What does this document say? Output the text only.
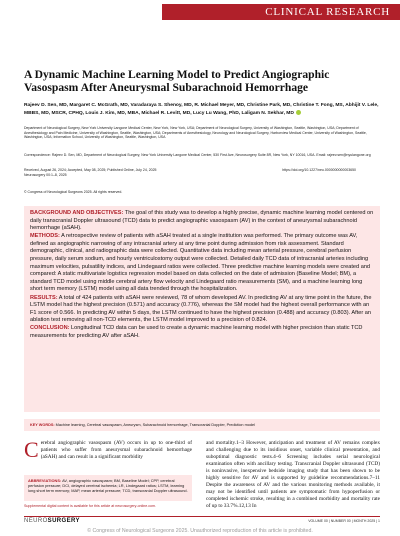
CLINICAL RESEARCH
A Dynamic Machine Learning Model to Predict Angiographic Vasospasm After Aneurysmal Subarachnoid Hemorrhage
Rajeev D. Sen, MD, Margaret C. McGrath, MD, Varadaraya S. Shenoy, MD, R. Michael Meyer, MD, Christine Park, MD, Christine T. Fong, MS, Abhijit V. Lele, MBBS, MD, MSCR, CPHQ, Louis J. Kim, MD, MBA, Michael R. Levitt, MD, Lucy Lu Wang, PhD, Laligam N. Sekhar, MD
Department of Neurological Surgery, New York University Langone Medical Center, New York, New York, USA; Department of Neurological Surgery, University of Washington, Seattle, Washington, USA; Department of Anesthesiology and Pain Medicine, University of Washington, Seattle, Washington, USA; Departments of Anesthesiology, Neurology and Neurological Surgery, Harborview Medical Center, University of Washington, Seattle, Washington, USA; Information School, University of Washington, Seattle, Washington, USA
Correspondence: Rajeev D. Sen, MD, Department of Neurological Surgery, New York University Langone Medical Center, 530 First Ave, Neurosurgery Suite 8R, New York, NY 10016, USA. Email: rajeev.sen@nyulangone.org
Received, August 26, 2024; Accepted, May 08, 2025; Published Online, July 24, 2025
Neurosurgery 00:1–8, 2025
https://doi.org/10.1227/neu.0000000000003650
© Congress of Neurological Surgeons 2025. All rights reserved.

BACKGROUND AND OBJECTIVES: The goal of this study was to develop a highly precise, dynamic machine learning model centered on daily transcranial Doppler ultrasound (TCD) data to predict angiographic vasospasm (AV) in the context of aneurysmal subarachnoid hemorrhage (aSAH).

METHODS: A retrospective review of patients with aSAH treated at a single institution was performed. The primary outcome was AV, defined as angiographic narrowing of any intracranial artery at any time point during admission from risk assessment. Standard demographic, clinical, and radiographic data were collected. Quantitative data including mean arterial pressure, cerebral perfusion pressure, daily serum sodium, and hourly ventriculostomy output were collected. Detailed daily TCD data of intracranial arteries including maximum velocities, pulsatility indices, and Lindegaard ratios were collected. Three predictive machine learning models were created and compared: A static multivariate logistics regression model based on data collected on the date of admission (Baseline Model; BM), a standard TCD model using middle cerebral artery flow velocity and Lindegaard ratio measurements (SM), and a machine learning long short term memory (LSTM) model using all data trended through the hospitalization.

RESULTS: A total of 424 patients with aSAH were reviewed, 78 of whom developed AV. In predicting AV at any time point in the future, the LSTM model had the highest precision (0.571) and accuracy (0.776), whereas the SM model had the highest overall performance with an F1 score of 0.566. In predicting AV within 5 days, the LSTM continued to have the highest precision (0.488) and accuracy (0.803). After an ablation test removing all non-TCD elements, the LSTM model improved to a precision of 0.824.

CONCLUSION: Longitudinal TCD data can be used to create a dynamic machine learning model with higher precision than static TCD measurements for predicting AV after aSAH.

KEY WORDS: Machine learning, Cerebral vasospasm, Aneurysm, Subarachnoid hemorrhage, Transcranial Doppler, Prediction model
C erebral angiographic vasospasm (AV) occurs in up to one-third of patients who suffer from aneurysmal subarachnoid hemorrhage (aSAH) and can result in a significant morbidity

ABBREVIATIONS: AV, angiographic vasospasm; BM, Baseline Model; CPP, cerebral perfusion pressure; DCI, delayed cerebral ischemia; LR, Lindegaard ratios; LSTM, learning long short term memory; MAP, mean arterial pressure; TCD, transcranial Doppler ultrasound.
Supplemental digital content is available for this article at neurosurgery-online.com.

and mortality.1–3 However, anticipation and treatment of AV remains complex and challenging due to its insidious onset, variable clinical presentation, and suboptimal diagnostic tests.4–6 Screening includes serial neurological examination often with ancillary testing. Transcranial Doppler ultrasound (TCD) is noninvasive, inexpensive bedside imaging study that has been shown to be highly sensitive for AV and is supported by guideline recommendations.7–11 Despite the awareness of AV and the various monitoring methods available, it may not be identified until patients are symptomatic from hypoperfusion or completed ischemic stroke, resulting in a combined morbidity and mortality rate of up to 33.7%.12,13 In

NEUROSURGERY	VOLUME 00 | NUMBER 00 | MONTH 2025 | 1
© Congress of Neurological Surgeons 2025. Unauthorized reproduction of this article is prohibited.
